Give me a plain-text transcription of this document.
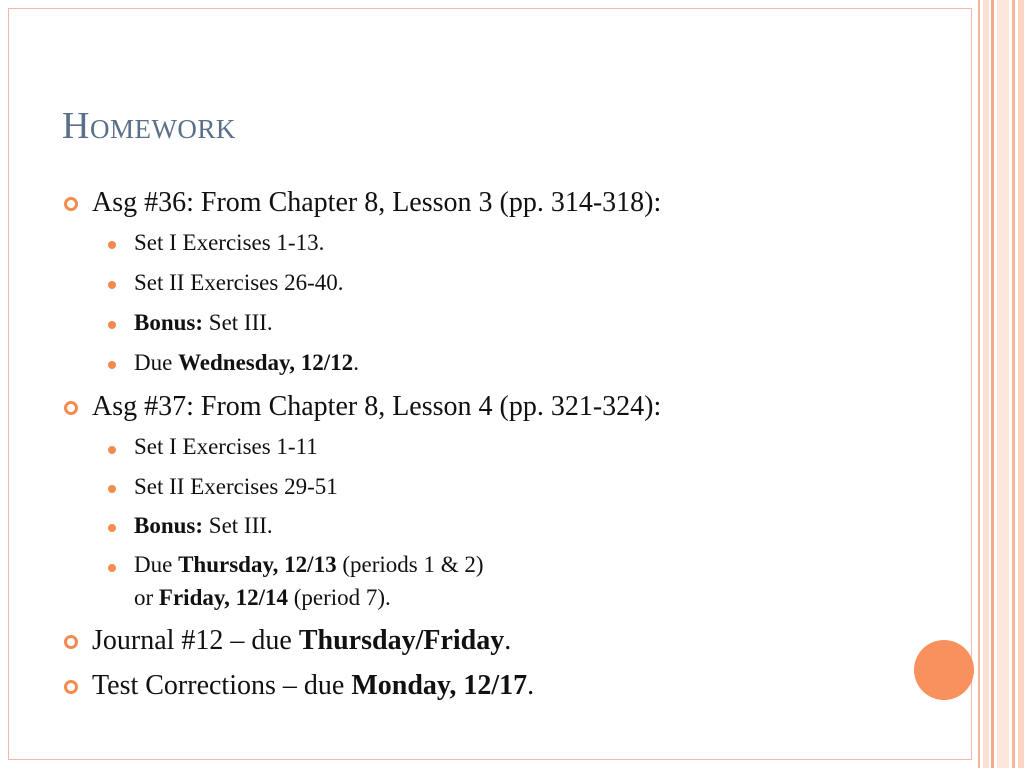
Homework
Asg #36: From Chapter 8, Lesson 3 (pp. 314-318):
Set I Exercises 1-13.
Set II Exercises 26-40.
Bonus: Set III.
Due Wednesday, 12/12.
Asg #37: From Chapter 8, Lesson 4 (pp. 321-324):
Set I Exercises 1-11
Set II Exercises 29-51
Bonus: Set III.
Due Thursday, 12/13 (periods 1 & 2)
or Friday, 12/14 (period 7).
Journal #12 – due Thursday/Friday.
Test Corrections – due Monday, 12/17.
